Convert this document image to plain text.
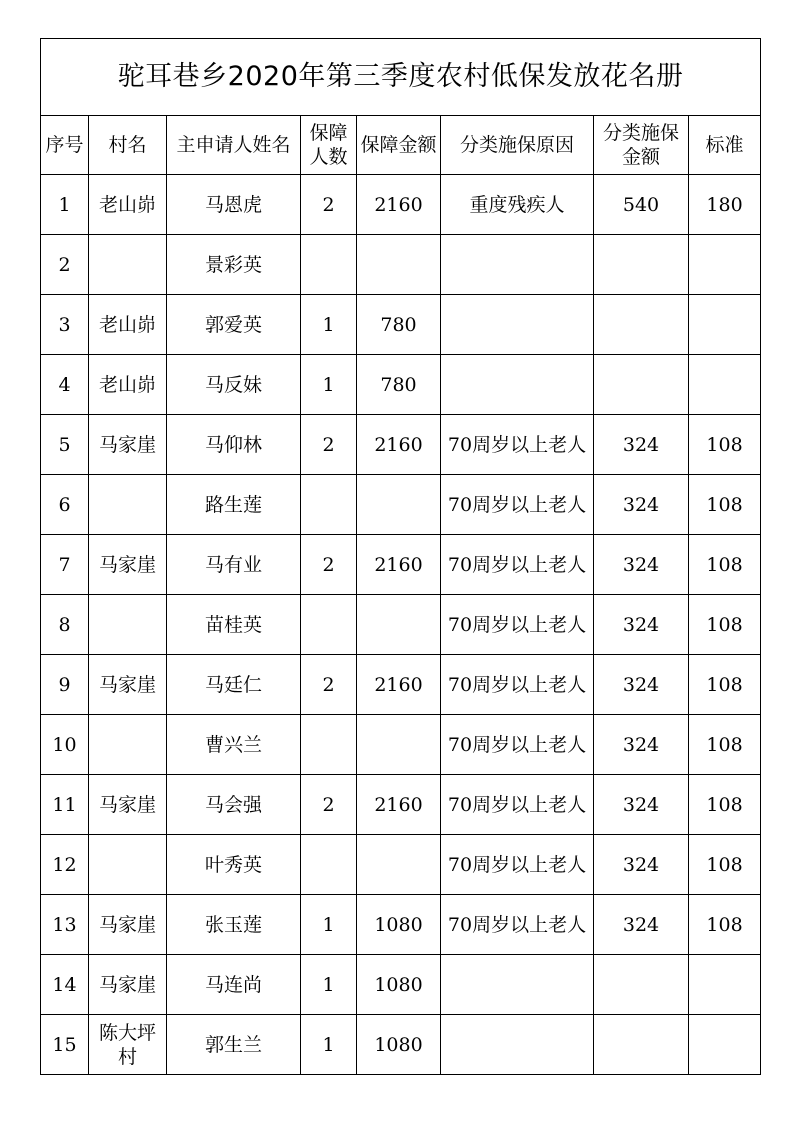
驼耳巷乡2020年第三季度农村低保发放花名册							
序号	村名	主申请人姓名	保障人数	保障金额	分类施保原因	分类施保金额	标准
1	老山峁	马恩虎	2	2160	重度残疾人	540	180
2		景彩英					
3	老山峁	郭爱英	1	780			
4	老山峁	马反妹	1	780			
5	马家崖	马仰林	2	2160	70周岁以上老人	324	108
6		路生莲			70周岁以上老人	324	108
7	马家崖	马有业	2	2160	70周岁以上老人	324	108
8		苗桂英			70周岁以上老人	324	108
9	马家崖	马廷仁	2	2160	70周岁以上老人	324	108
10		曹兴兰			70周岁以上老人	324	108
11	马家崖	马会强	2	2160	70周岁以上老人	324	108
12		叶秀英			70周岁以上老人	324	108
13	马家崖	张玉莲	1	1080	70周岁以上老人	324	108
14	马家崖	马连尚	1	1080			
15	陈大坪村	郭生兰	1	1080			
